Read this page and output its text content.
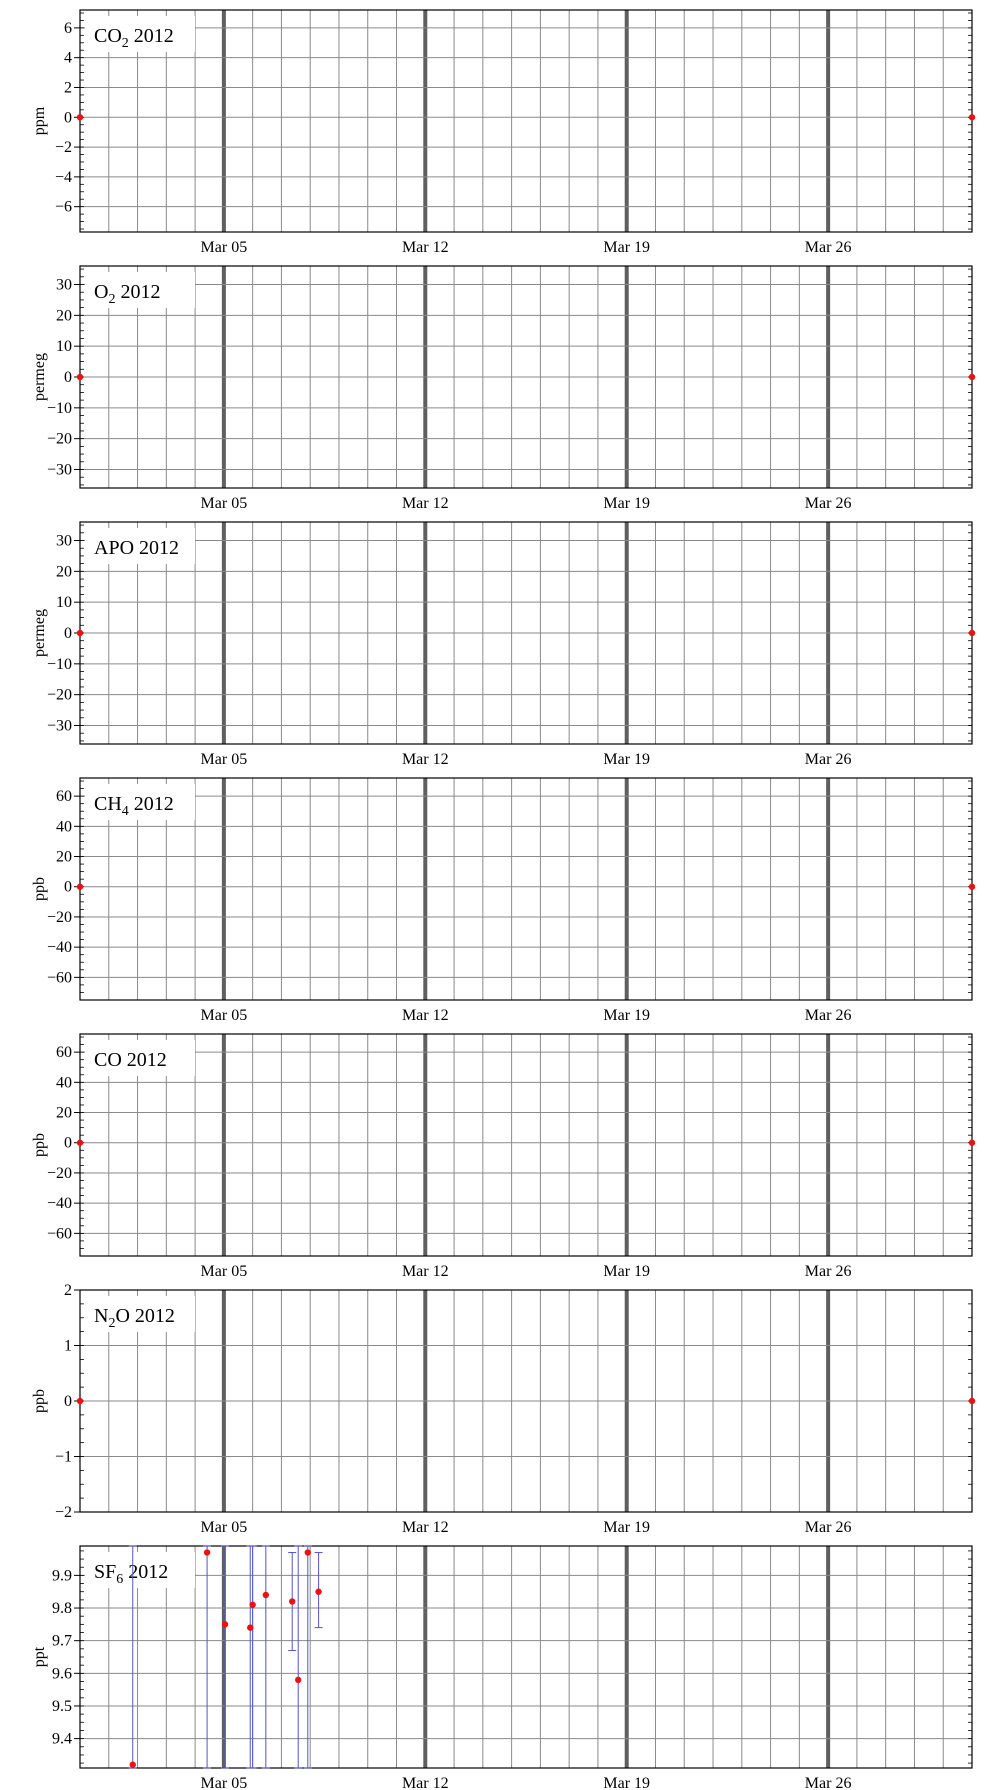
−6
−4
−2
0
2
4
6
Mar 05	Mar 12	Mar 19	Mar 26
ppm
$CO_2$ 2012
−30
−20
−10
0
10
20
30
Mar 05	Mar 12	Mar 19	Mar 26
permeg
$O_2$ 2012
−30
−20
−10
0
10
20
30
Mar 05	Mar 12	Mar 19	Mar 26
permeg
APO 2012
−60
−40
−20
0
20
40
60
Mar 05	Mar 12	Mar 19	Mar 26
ppb
$CH_4$ 2012
−60
−40
−20
0
20
40
60
Mar 05	Mar 12	Mar 19	Mar 26
ppb
CO 2012
−2
−1
0
1
2
Mar 05	Mar 12	Mar 19	Mar 26
ppb
$N_2O$ 2012
9.4
9.5
9.6
9.7
9.8
9.9
Mar 05	Mar 12	Mar 19	Mar 26
ppt
$SF_6$ 2012
